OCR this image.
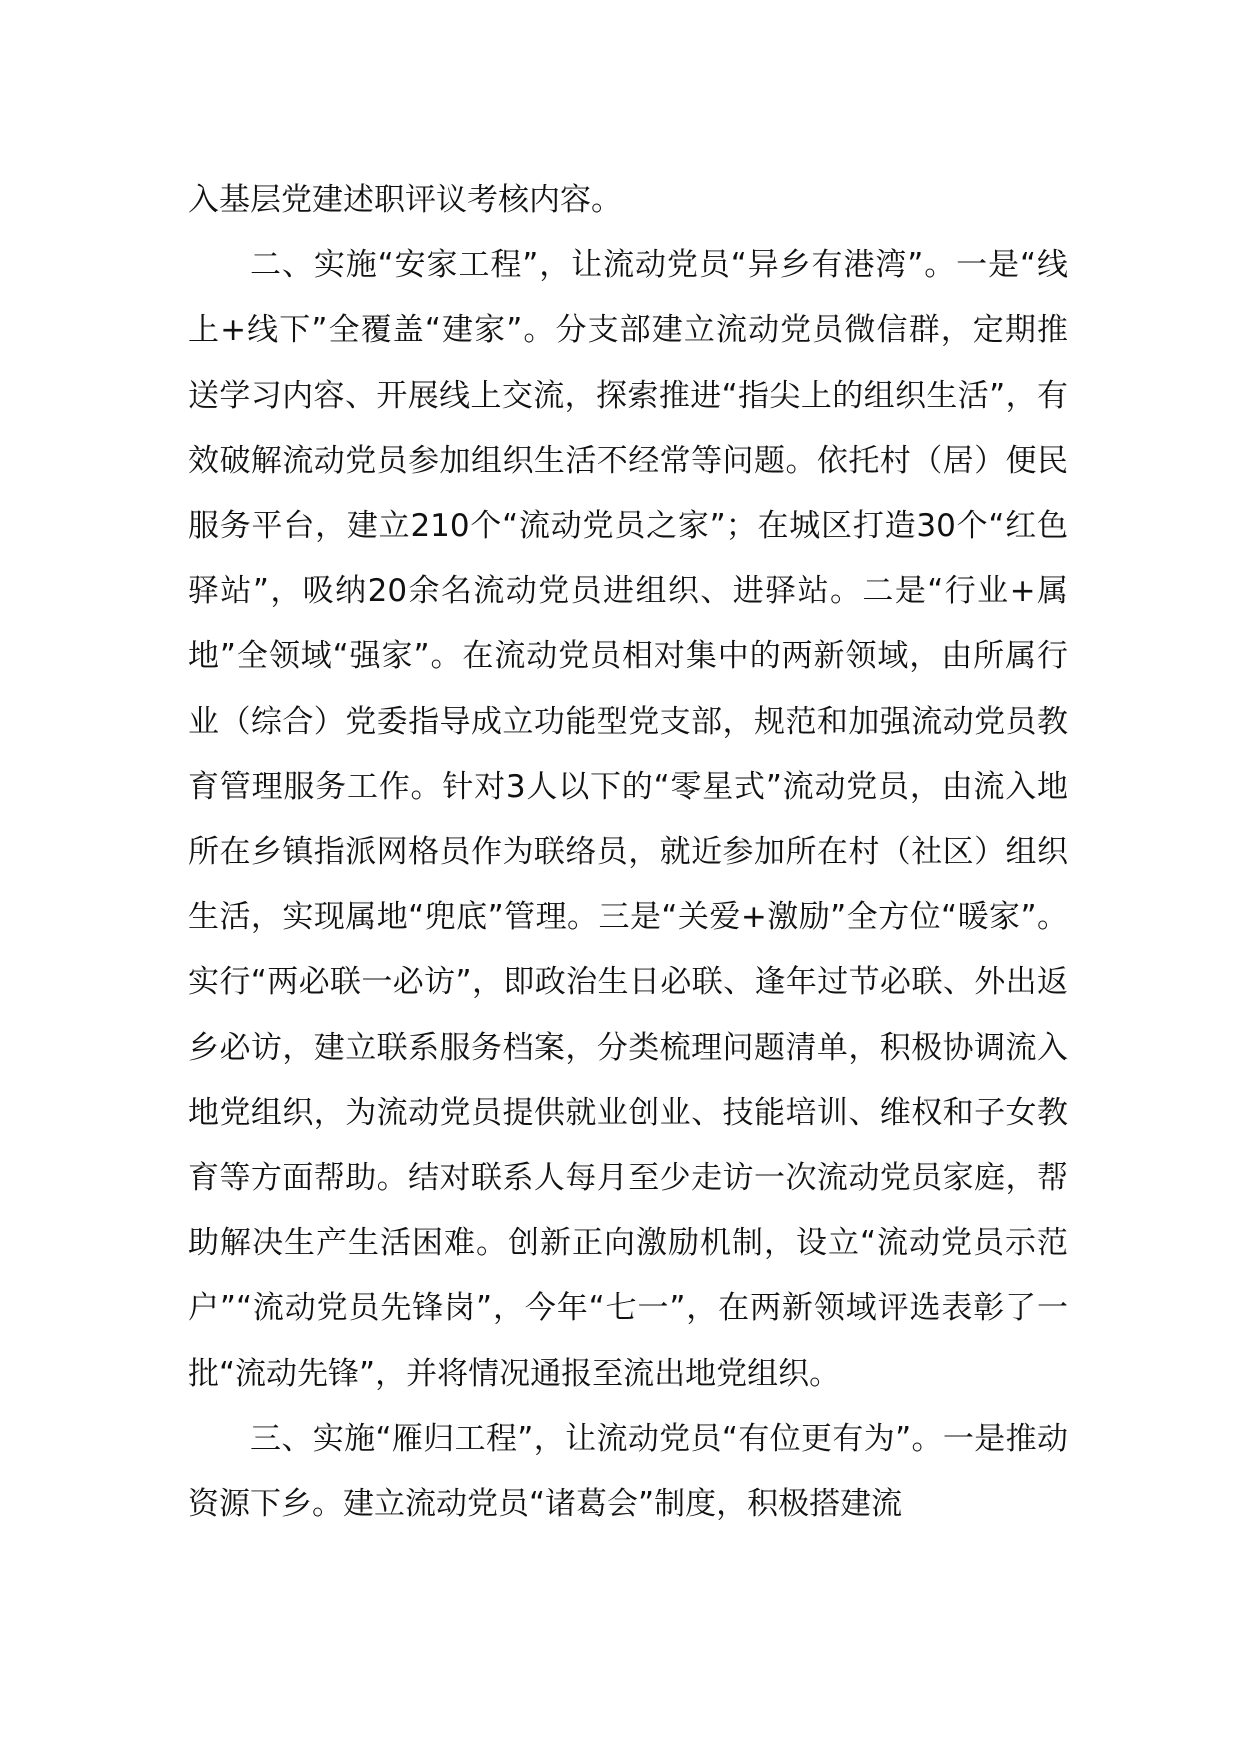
入基层党建述职评议考核内容。

二、实施“安家工程”，让流动党员“异乡有港湾”。一是“线上+线下”全覆盖“建家”。分支部建立流动党员微信群，定期推送学习内容、开展线上交流，探索推进“指尖上的组织生活”，有效破解流动党员参加组织生活不经常等问题。依托村（居）便民服务平台，建立210个“流动党员之家”；在城区打造30个“红色驿站”，吸纳20余名流动党员进组织、进驿站。二是“行业+属地”全领域“强家”。在流动党员相对集中的两新领域，由所属行业（综合）党委指导成立功能型党支部，规范和加强流动党员教育管理服务工作。针对3人以下的“零星式”流动党员，由流入地所在乡镇指派网格员作为联络员，就近参加所在村（社区）组织生活，实现属地“兜底”管理。三是“关爱+激励”全方位“暖家”。实行“两必联一必访”，即政治生日必联、逢年过节必联、外出返乡必访，建立联系服务档案，分类梳理问题清单，积极协调流入地党组织，为流动党员提供就业创业、技能培训、维权和子女教育等方面帮助。结对联系人每月至少走访一次流动党员家庭，帮助解决生产生活困难。创新正向激励机制，设立“流动党员示范户”“流动党员先锋岗”，今年“七一”，在两新领域评选表彰了一批“流动先锋”，并将情况通报至流出地党组织。

三、实施“雁归工程”，让流动党员“有位更有为”。一是推动资源下乡。建立流动党员“诸葛会”制度，积极搭建流
